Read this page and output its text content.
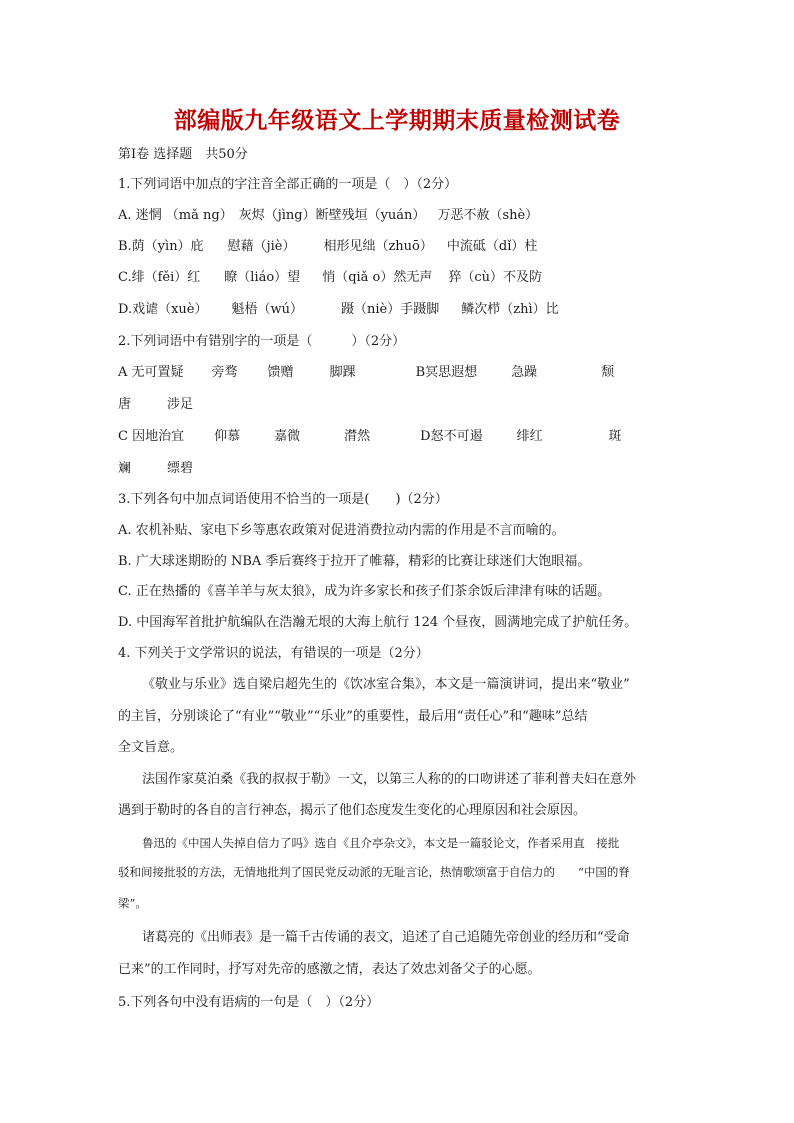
部编版九年级语文上学期期末质量检测试卷
第Ⅰ卷 选择题　共50分
1.下列词语中加点的字注音全部正确的一项是（　）（2分）
A. 迷惘 （mǎ ng） 灰烬（jìng）断壁残垣（yuán） 万恶不赦（shè）
B.荫（yìn）庇 慰藉（jiè） 相形见绌（zhuō） 中流砥（dǐ）柱
C.绯（fěi）红 瞭（liáo）望 悄（qiǎ o）然无声 猝（cù）不及防
D.戏谑（xuè） 魁梧（wú）	蹑（niè）手蹑脚 鳞次栉（zhì）比
2.下列词语中有错别字的一项是（　　　）（2分）
A 无可置疑 旁骛 馈赠	脚踝	B冥思遐想	急躁	颓
唐	涉足
C 因地治宜 仰慕	嘉微	潸然	D怒不可遏	绯红	斑
斓	缥碧
3.下列各句中加点词语使用不恰当的一项是(　　)（2分）
A. 农机补贴、家电下乡等惠农政策对促进消费拉动内需的作用是不言而喻的。
B. 广大球迷期盼的 NBA 季后赛终于拉开了帷幕，精彩的比赛让球迷们大饱眼福。
C. 正在热播的《喜羊羊与灰太狼》，成为许多家长和孩子们茶余饭后津津有味的话题。
D. 中国海军首批护航编队在浩瀚无垠的大海上航行 124 个昼夜，圆满地完成了护航任务。
4. 下列关于文学常识的说法，有错误的一项是（2分）
《敬业与乐业》选自梁启超先生的《饮冰室合集》，本文是一篇演讲词，提出来“敬业”
的主旨，分别谈论了“有业”“敬业”“乐业”的重要性，最后用“责任心”和“趣味”总结
全文旨意。
法国作家莫泊桑《我的叔叔于勒》一文，以第三人称的的口吻讲述了菲利普夫妇在意外
遇到于勒时的各自的言行神态，揭示了他们态度发生变化的心理原因和社会原因。
鲁迅的《中国人失掉自信力了吗》选自《且介亭杂文》，本文是一篇驳论文，作者采用直　接批
驳和间接批驳的方法，无情地批判了国民党反动派的无耻言论，热情歌颂富于自信力的　　“中国的脊
梁”。
诸葛亮的《出师表》是一篇千古传诵的表文，追述了自己追随先帝创业的经历和“受命
已来”的工作同时，抒写对先帝的感激之情，表达了效忠刘备父子的心愿。
5.下列各句中没有语病的一句是（　）（2分）
